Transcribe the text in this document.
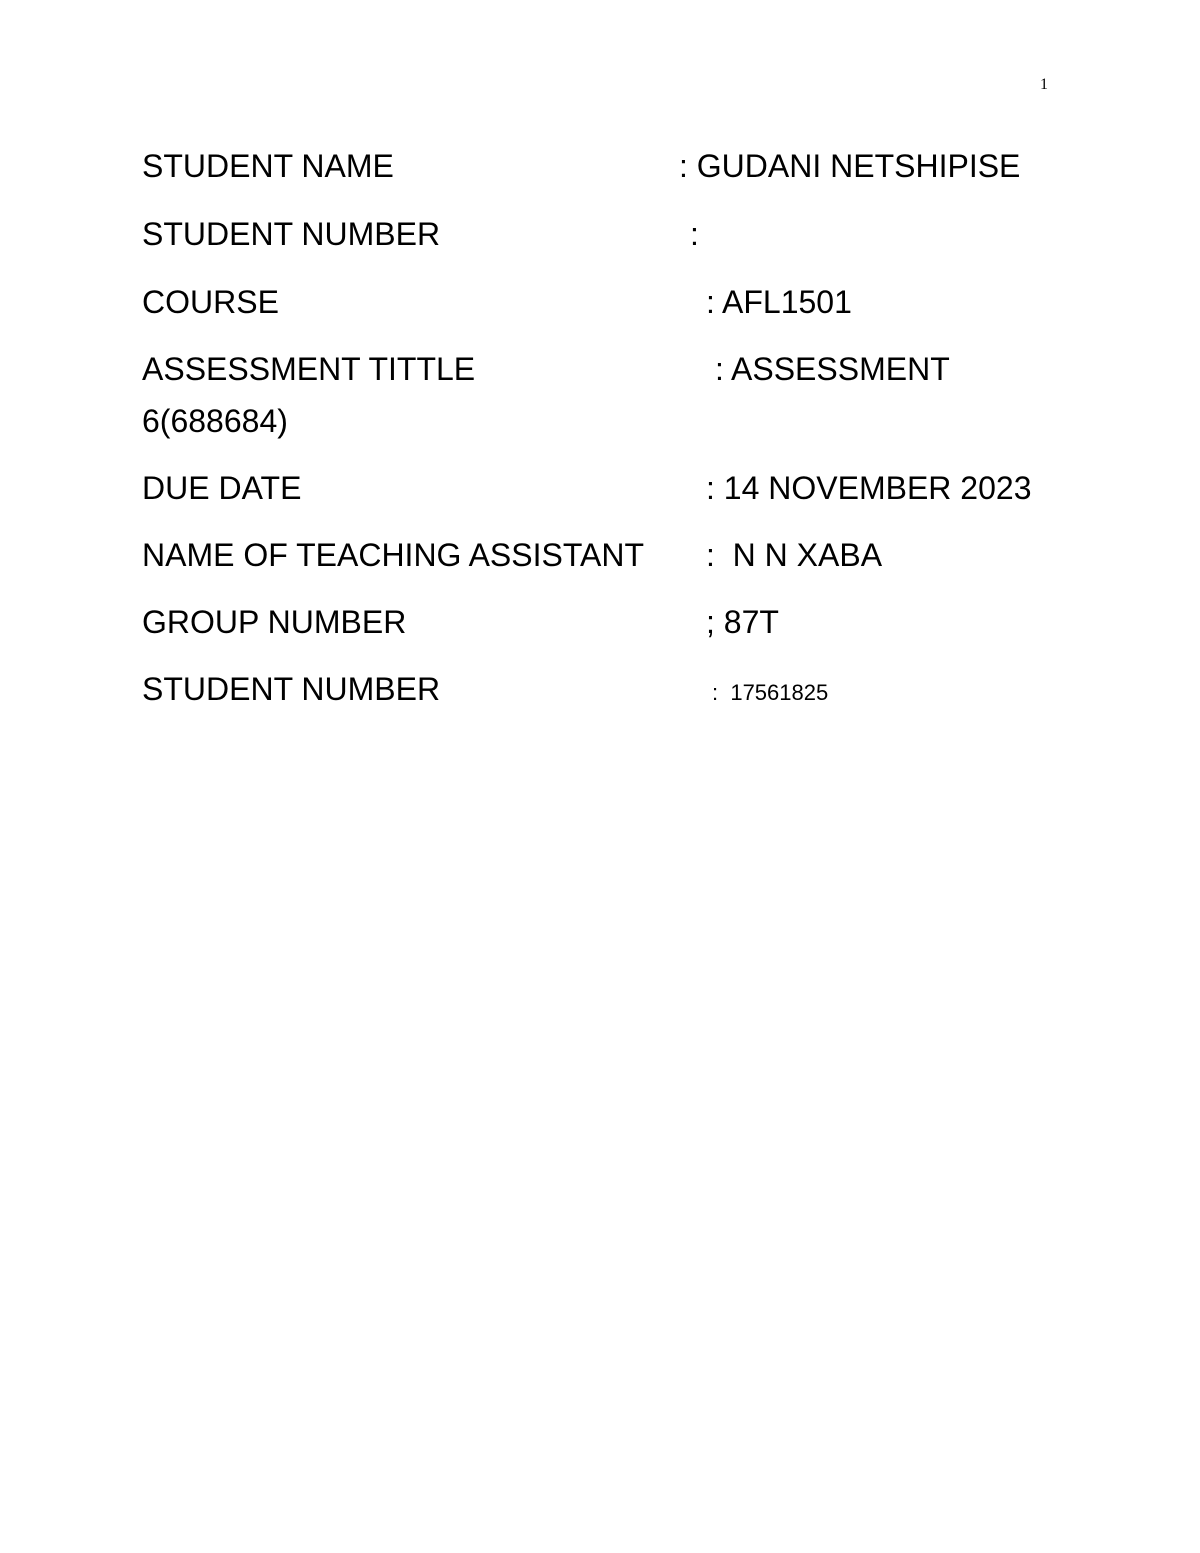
1
STUDENT NAME	: GUDANI NETSHIPISE
STUDENT NUMBER	:
COURSE	: AFL1501
ASSESSMENT TITTLE	: ASSESSMENT
6(688684)
DUE DATE	: 14 NOVEMBER 2023
NAME OF TEACHING ASSISTANT :  N N XABA
GROUP NUMBER	; 87T
STUDENT NUMBER	:  17561825
